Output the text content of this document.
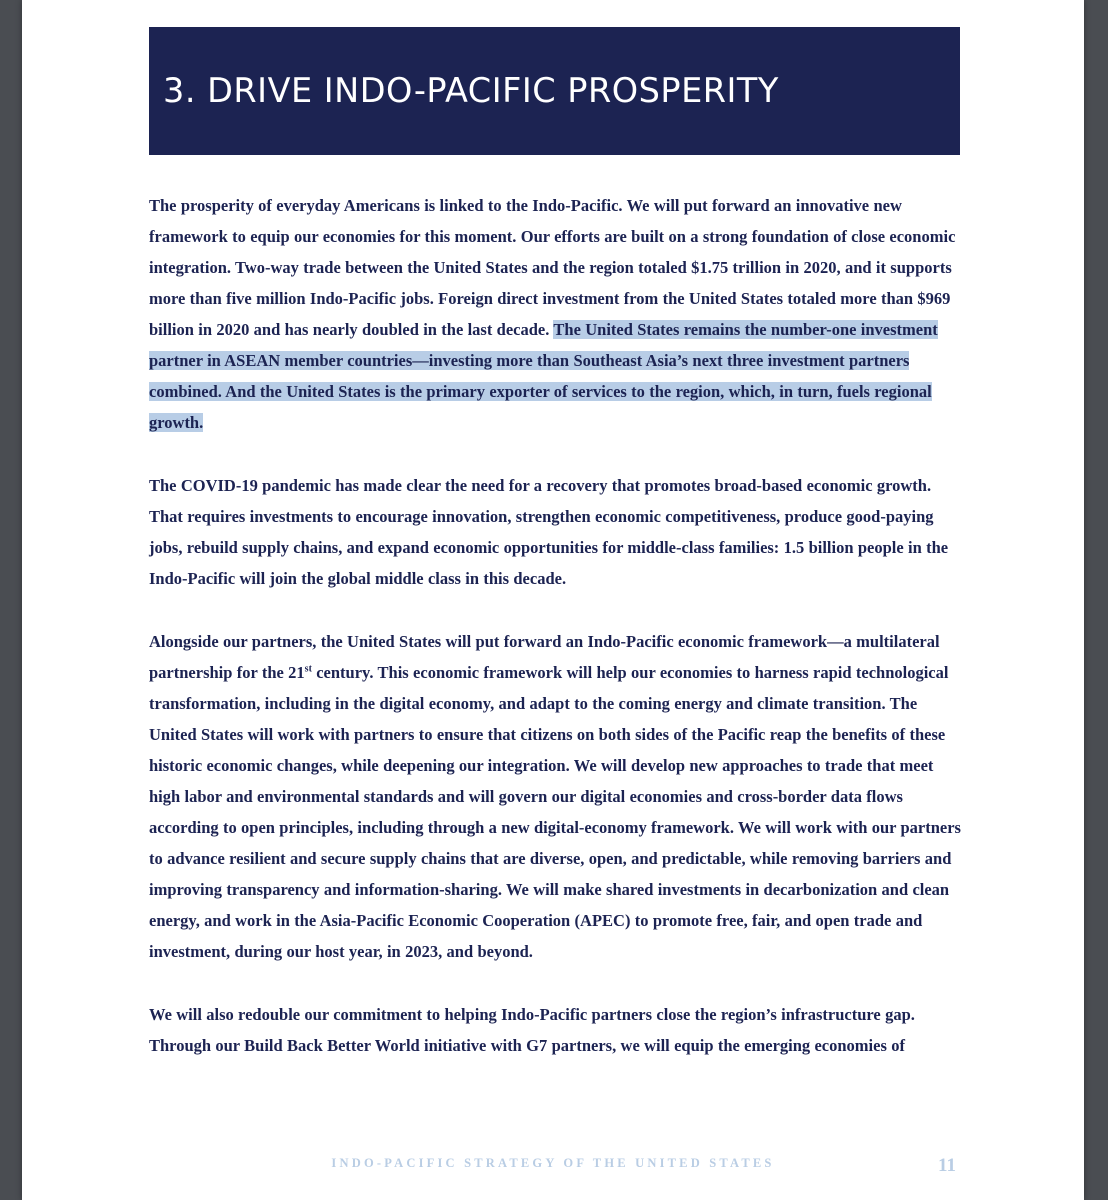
3. DRIVE INDO-PACIFIC PROSPERITY

The prosperity of everyday Americans is linked to the Indo-Pacific. We will put forward an innovative new framework to equip our economies for this moment. Our efforts are built on a strong foundation of close economic integration. Two-way trade between the United States and the region totaled $1.75 trillion in 2020, and it supports more than five million Indo-Pacific jobs. Foreign direct investment from the United States totaled more than $969 billion in 2020 and has nearly doubled in the last decade. The United States remains the number-one investment partner in ASEAN member countries—investing more than Southeast Asia’s next three investment partners combined. And the United States is the primary exporter of services to the region, which, in turn, fuels regional growth.

The COVID-19 pandemic has made clear the need for a recovery that promotes broad-based economic growth. That requires investments to encourage innovation, strengthen economic competitiveness, produce good-paying jobs, rebuild supply chains, and expand economic opportunities for middle-class families: 1.5 billion people in the Indo-Pacific will join the global middle class in this decade.

Alongside our partners, the United States will put forward an Indo-Pacific economic framework—a multilateral partnership for the 21st century. This economic framework will help our economies to harness rapid technological transformation, including in the digital economy, and adapt to the coming energy and climate transition. The United States will work with partners to ensure that citizens on both sides of the Pacific reap the benefits of these historic economic changes, while deepening our integration. We will develop new approaches to trade that meet high labor and environmental standards and will govern our digital economies and cross-border data flows according to open principles, including through a new digital-economy framework. We will work with our partners to advance resilient and secure supply chains that are diverse, open, and predictable, while removing barriers and improving transparency and information-sharing. We will make shared investments in decarbonization and clean energy, and work in the Asia-Pacific Economic Cooperation (APEC) to promote free, fair, and open trade and investment, during our host year, in 2023, and beyond.

We will also redouble our commitment to helping Indo-Pacific partners close the region’s infrastructure gap. Through our Build Back Better World initiative with G7 partners, we will equip the emerging economies of

INDO-PACIFIC STRATEGY OF THE UNITED STATES	11
